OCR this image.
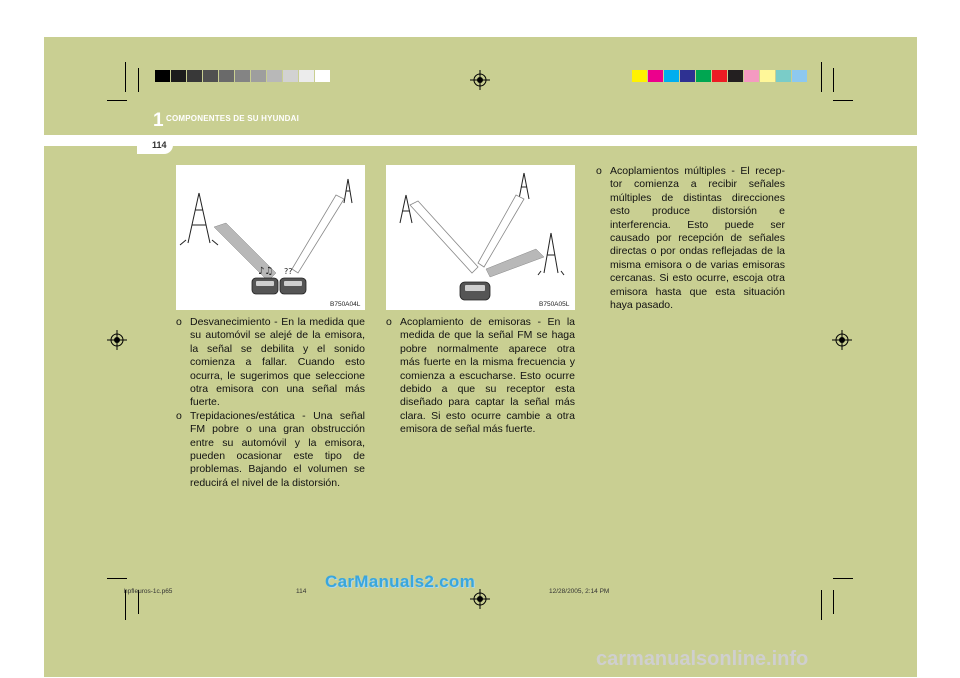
1 COMPONENTES DE SU HYUNDAI
114
♪♫ ??
B750A04L	B750A05L

o Desvanecimiento - En la medida que su automóvil se alejé de la emisora, la señal se debilita y el sonido comienza a fallar. Cuando esto ocurra, le sugerimos que seleccione otra emisora con una señal más fuerte.

o Trepidaciones/estática - Una señal FM pobre o una gran obstrucción entre su automóvil y la emisora, pueden ocasionar este tipo de problemas. Bajando el volumen se reducirá el nivel de la distorsión.

o Acoplamiento de emisoras - En la medida de que la señal FM se haga pobre normalmente aparece otra más fuerte en la misma frecuencia y comienza a escucharse. Esto ocurre debido a que su receptor esta diseñado para captar la señal más clara. Si esto ocurre cambie a otra emisora de señal más fuerte.

o Acoplamientos múltiples - El recep-tor comienza a recibir señales múltiples de distintas direcciones esto produce distorsión e interferencia. Esto puede ser causado por recepción de señales directas o por ondas reflejadas de la misma emisora o de varias emisoras cercanas. Si esto ocurre, escoja otra emisora hasta que esta situación haya pasado.

hpfleuros-1c.p65	114	12/28/2005, 2:14 PM
CarManuals2.com
carmanualsonline.info
